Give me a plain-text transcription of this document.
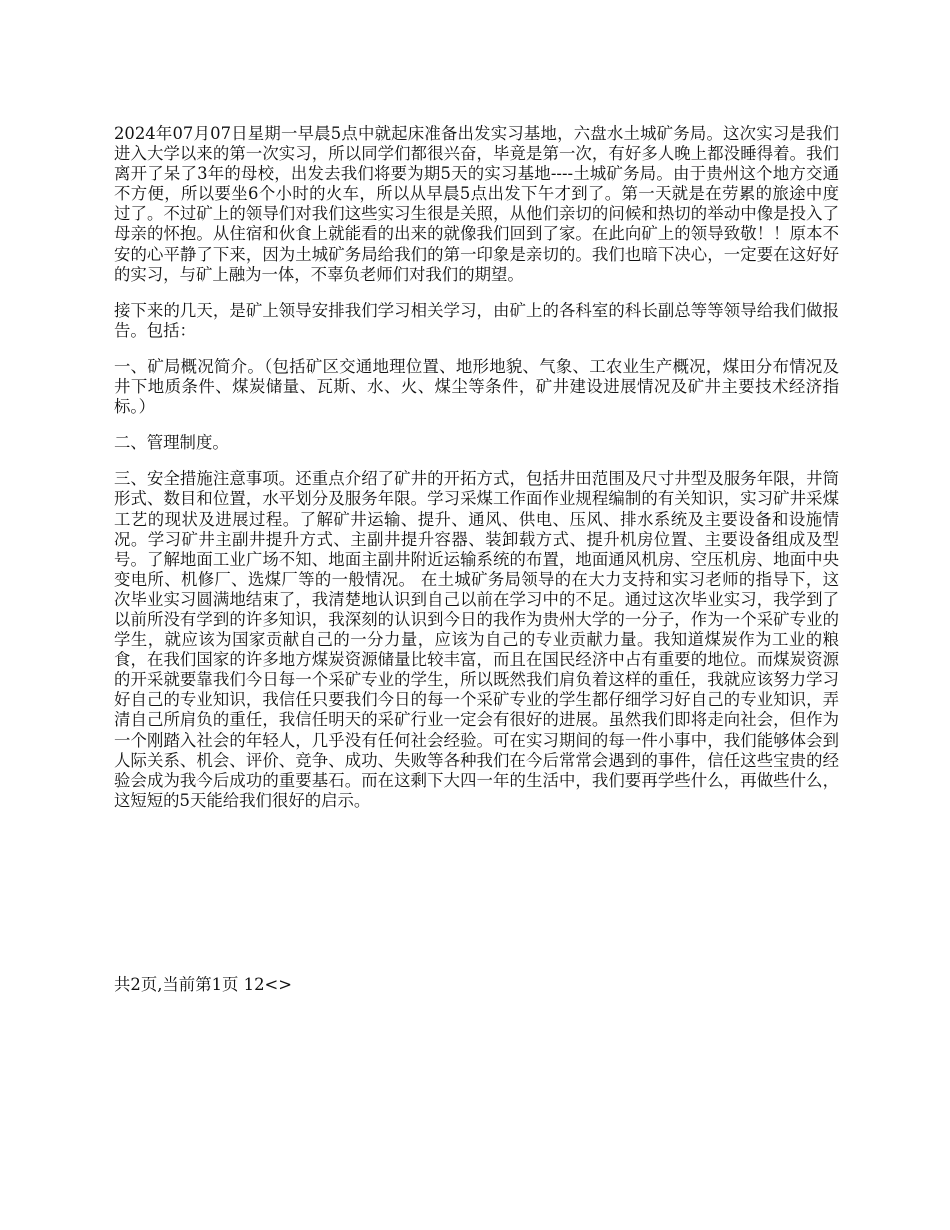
2024年07月07日星期一早晨5点中就起床准备出发实习基地，六盘水土城矿务局。这次实习是我们进入大学以来的第一次实习，所以同学们都很兴奋，毕竟是第一次，有好多人晚上都没睡得着。我们离开了呆了3年的母校，出发去我们将要为期5天的实习基地----土城矿务局。由于贵州这个地方交通不方便，所以要坐6个小时的火车，所以从早晨5点出发下午才到了。第一天就是在劳累的旅途中度过了。不过矿上的领导们对我们这些实习生很是关照，从他们亲切的问候和热切的举动中像是投入了母亲的怀抱。从住宿和伙食上就能看的出来的就像我们回到了家。在此向矿上的领导致敬！！原本不安的心平静了下来，因为土城矿务局给我们的第一印象是亲切的。我们也暗下决心，一定要在这好好的实习，与矿上融为一体，不辜负老师们对我们的期望。

接下来的几天，是矿上领导安排我们学习相关学习，由矿上的各科室的科长副总等等领导给我们做报告。包括：

一、矿局概况简介。（包括矿区交通地理位置、地形地貌、气象、工农业生产概况，煤田分布情况及井下地质条件、煤炭储量、瓦斯、水、火、煤尘等条件，矿井建设进展情况及矿井主要技术经济指标。）

二、管理制度。

三、安全措施注意事项。还重点介绍了矿井的开拓方式，包括井田范围及尺寸井型及服务年限，井筒形式、数目和位置，水平划分及服务年限。学习采煤工作面作业规程编制的有关知识，实习矿井采煤工艺的现状及进展过程。了解矿井运输、提升、通风、供电、压风、排水系统及主要设备和设施情况。学习矿井主副井提升方式、主副井提升容器、装卸载方式、提升机房位置、主要设备组成及型号。了解地面工业广场不知、地面主副井附近运输系统的布置，地面通风机房、空压机房、地面中央变电所、机修厂、选煤厂等的一般情况。 在土城矿务局领导的在大力支持和实习老师的指导下，这次毕业实习圆满地结束了，我清楚地认识到自己以前在学习中的不足。通过这次毕业实习，我学到了以前所没有学到的许多知识，我深刻的认识到今日的我作为贵州大学的一分子，作为一个采矿专业的学生，就应该为国家贡献自己的一分力量，应该为自己的专业贡献力量。我知道煤炭作为工业的粮食，在我们国家的许多地方煤炭资源储量比较丰富，而且在国民经济中占有重要的地位。而煤炭资源的开采就要靠我们今日每一个采矿专业的学生，所以既然我们肩负着这样的重任，我就应该努力学习好自己的专业知识，我信任只要我们今日的每一个采矿专业的学生都仔细学习好自己的专业知识，弄清自己所肩负的重任，我信任明天的采矿行业一定会有很好的进展。虽然我们即将走向社会，但作为一个刚踏入社会的年轻人，几乎没有任何社会经验。可在实习期间的每一件小事中，我们能够体会到人际关系、机会、评价、竞争、成功、失败等各种我们在今后常常会遇到的事件，信任这些宝贵的经验会成为我今后成功的重要基石。而在这剩下大四一年的生活中，我们要再学些什么，再做些什么，这短短的5天能给我们很好的启示。

共2页,当前第1页 12<>
